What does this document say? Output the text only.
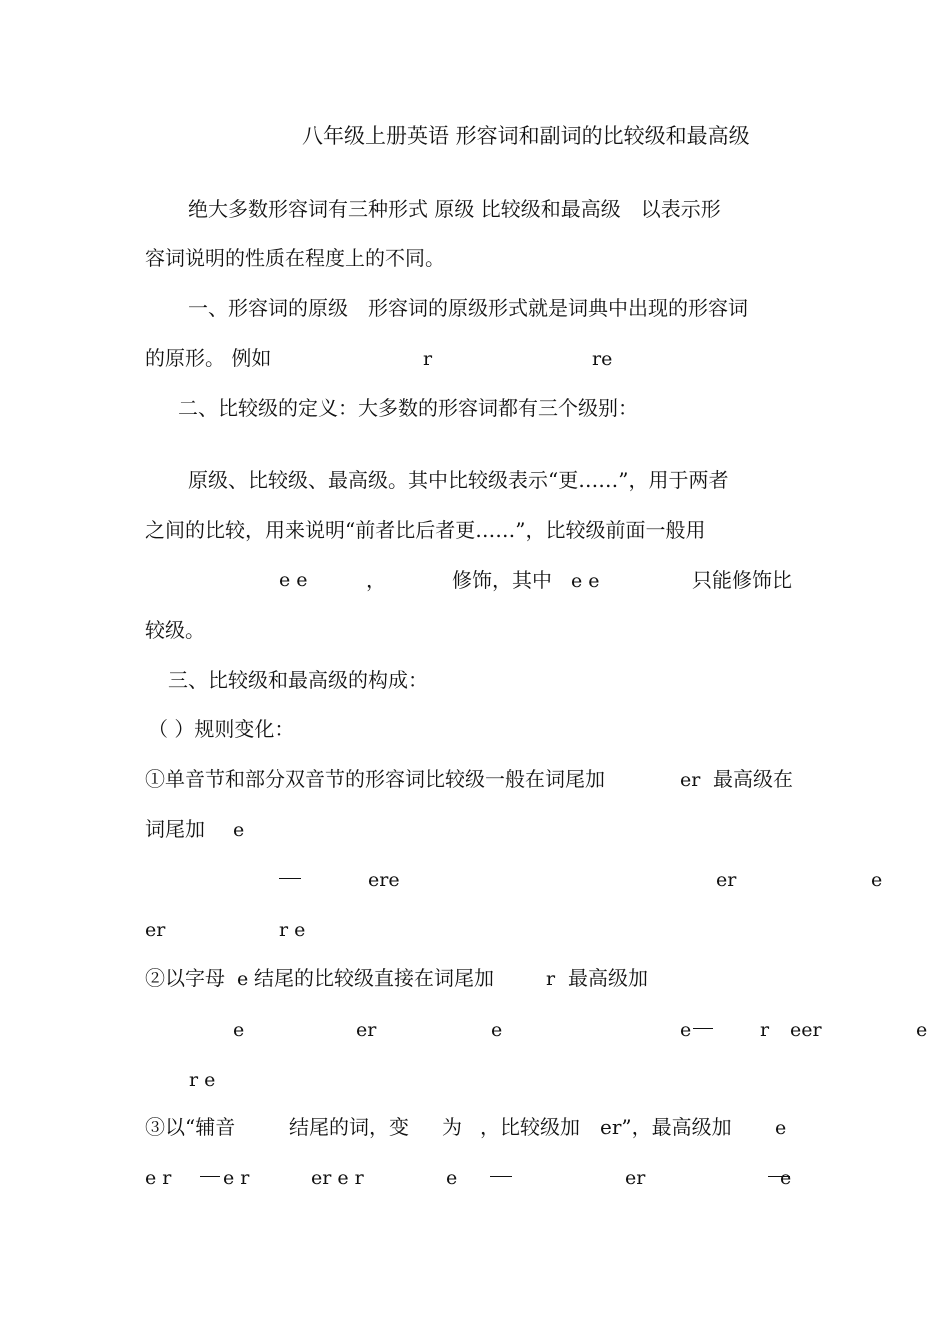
八年级上册英语 形容词和副词的比较级和最高级
绝大多数形容词有三种形式 原级 比较级和最高级　以表示形
容词说明的性质在程度上的不同。
一、形容词的原级　形容词的原级形式就是词典中出现的形容词
的原形。 例如	r	re
二、比较级的定义：大多数的形容词都有三个级别：
原级、比较级、最高级。其中比较级表示“更……”，用于两者
之间的比较，用来说明“前者比后者更……”，比较级前面一般用
e e	，	修饰，其中 e e	只能修饰比
较级。
三、比较级和最高级的构成：
（ ）规则变化：
①单音节和部分双音节的形容词比较级一般在词尾加	er 最高级在
词尾加 e
ere	er	e
er	r e
②以字母 e 结尾的比较级直接在词尾加	r 最高级加
e	er	e	e	r eer	e
r e
③以“辅音	结尾的词，变 为 ，比较级加 er”，最高级加 e
e r	e r	er e r	e	er	e
